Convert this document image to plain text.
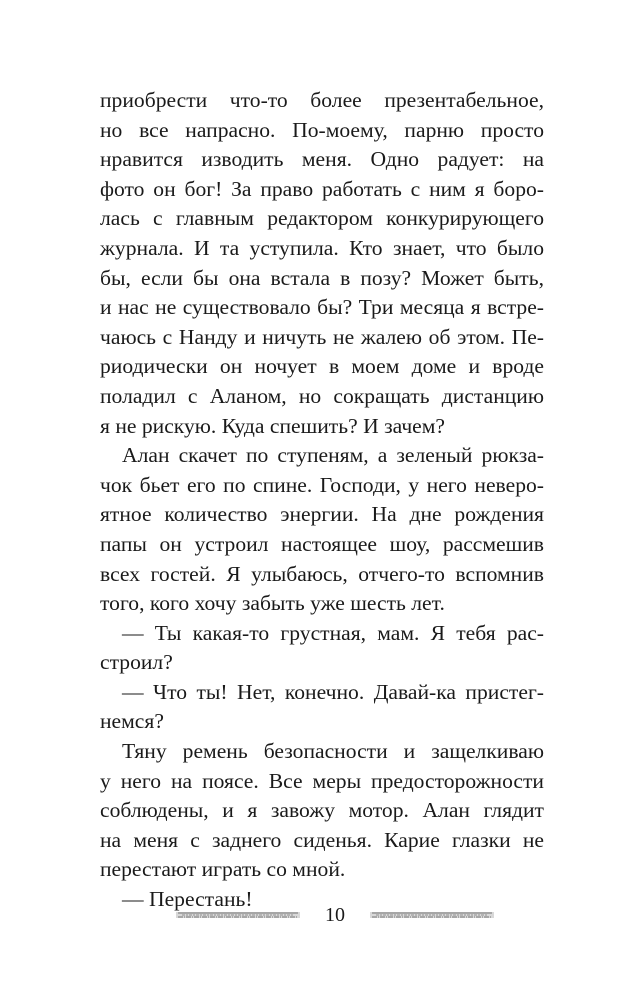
приобрести что-то более презентабельное,
но все напрасно. По-моему, парню просто
нравится изводить меня. Одно радует: на
фото он бог! За право работать с ним я боро-
лась с главным редактором конкурирующего
журнала. И та уступила. Кто знает, что было
бы, если бы она встала в позу? Может быть,
и нас не существовало бы? Три месяца я встре-
чаюсь с Нанду и ничуть не жалею об этом. Пе-
риодически он ночует в моем доме и вроде
поладил с Аланом, но сокращать дистанцию
я не рискую. Куда спешить? И зачем?
Алан скачет по ступеням, а зеленый рюкза-
чок бьет его по спине. Господи, у него невеpо-
ятное количество энергии. На дне рождения
папы он устроил настоящее шоу, рассмешив
всех гостей. Я улыбаюсь, отчего-то вспомнив
того, кого хочу забыть уже шесть лет.
— Ты какая-то грустная, мам. Я тебя рас-
строил?
— Что ты! Нет, конечно. Давай-ка пристег-
немся?
Тяну ремень безопасности и защелкиваю
у него на поясе. Все меры предосторожности
соблюдены, и я завожу мотор. Алан глядит
на меня с заднего сиденья. Карие глазки не
перестают играть со мной.
— Перестань!
10
